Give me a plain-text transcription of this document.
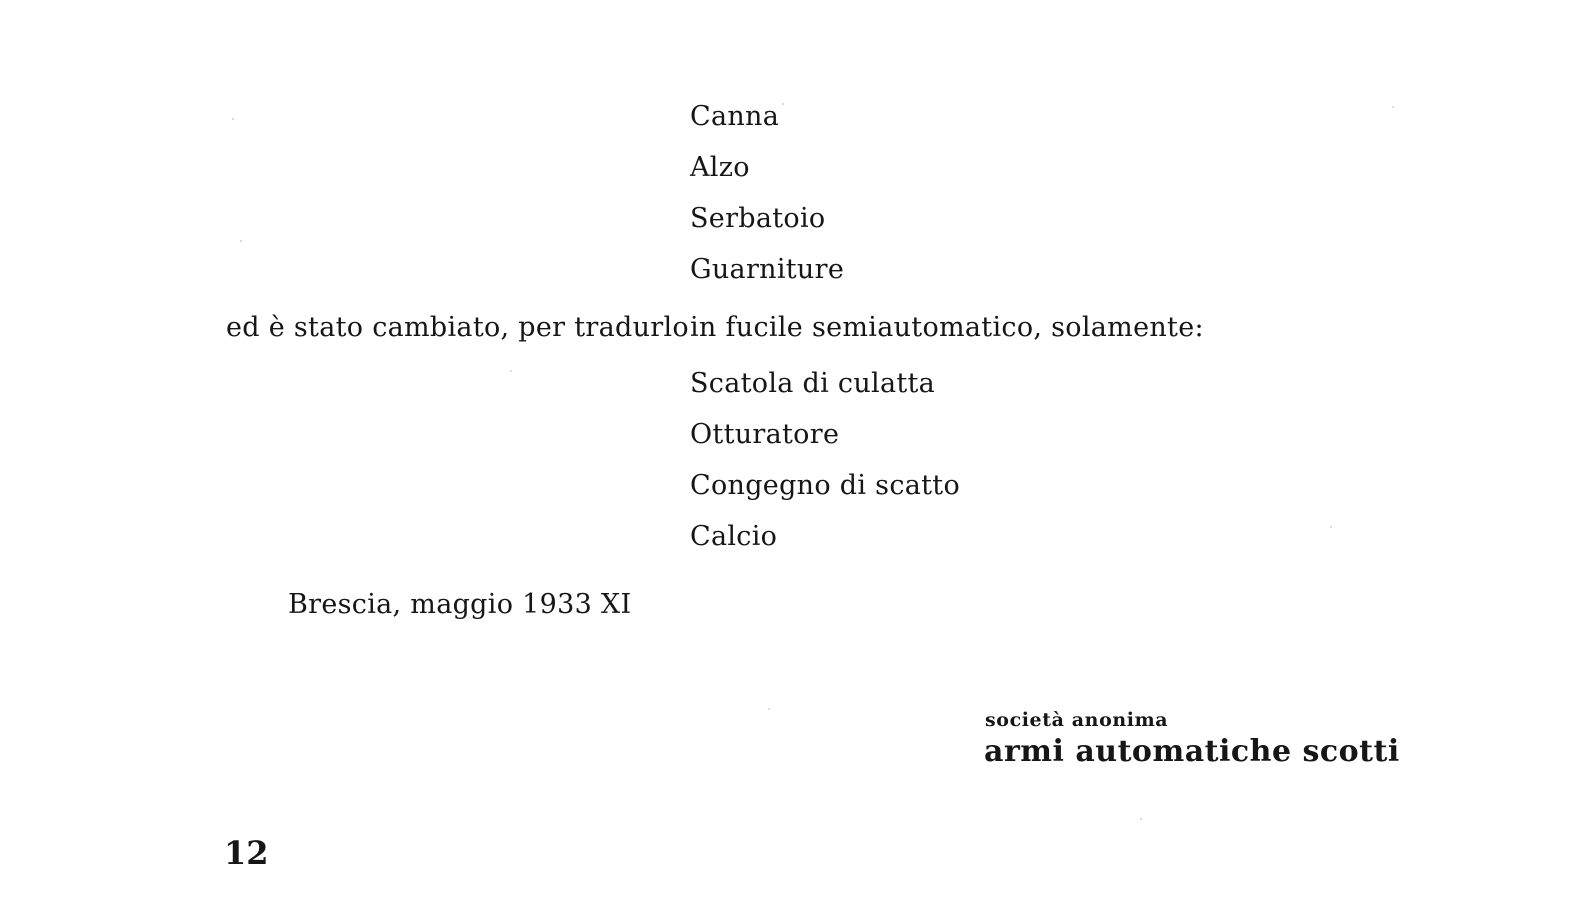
Canna
Alzo
Serbatoio
Guarniture
ed è stato cambiato, per tradurlo in fucile semiautomatico, solamente:
Scatola di culatta
Otturatore
Congegno di scatto
Calcio
Brescia, maggio 1933 XI
società anonima
armi automatiche scotti
12
